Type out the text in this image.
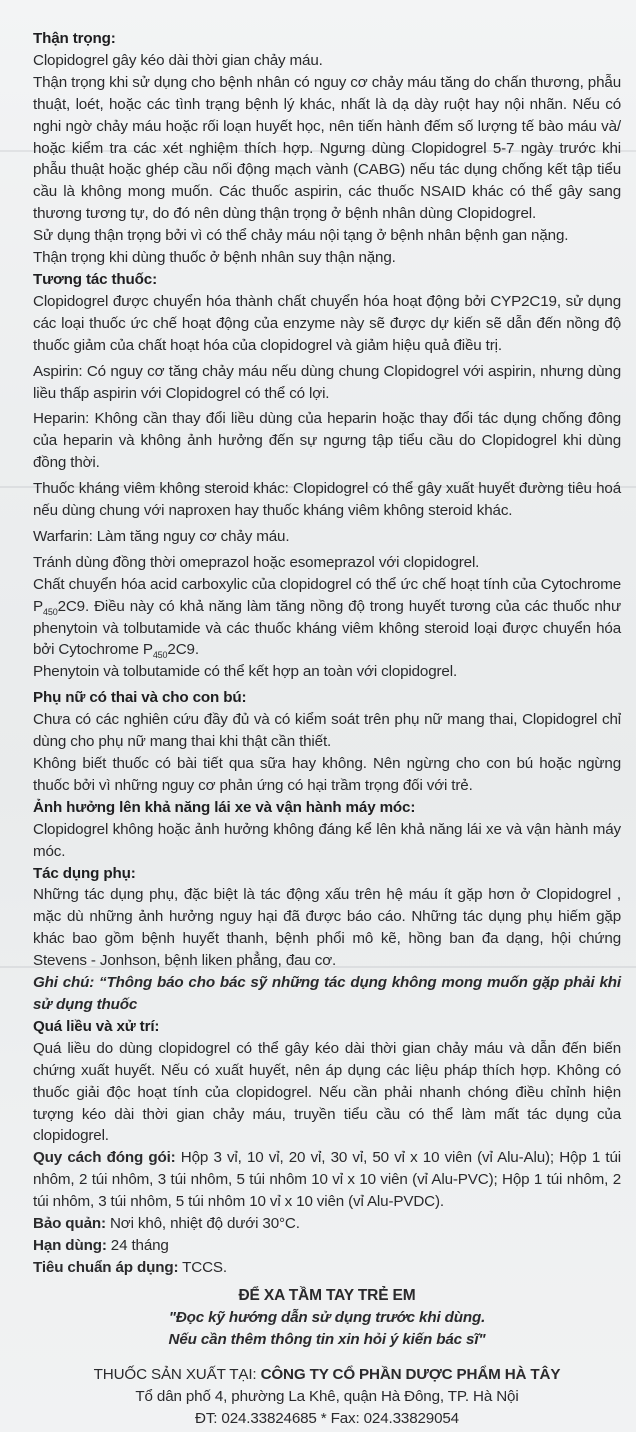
Thận trọng:

Clopidogrel gây kéo dài thời gian chảy máu.

Thận trọng khi sử dụng cho bệnh nhân có nguy cơ chảy máu tăng do chấn thương, phẫu thuật, loét, hoặc các tình trạng bệnh lý khác, nhất là dạ dày ruột hay nội nhãn. Nếu có nghi ngờ chảy máu hoặc rối loạn huyết học, nên tiến hành đếm số lượng tế bào máu và/ hoặc kiểm tra các xét nghiệm thích hợp. Ngưng dùng Clopidogrel 5-7 ngày trước khi phẫu thuật hoặc ghép cầu nối động mạch vành (CABG) nếu tác dụng chống kết tập tiểu cầu là không mong muốn. Các thuốc aspirin, các thuốc NSAID khác có thể gây sang thương tương tự, do đó nên dùng thận trọng ở bệnh nhân dùng Clopidogrel.

Sử dụng thận trọng bởi vì có thể chảy máu nội tạng ở bệnh nhân bệnh gan nặng.

Thận trọng khi dùng thuốc ở bệnh nhân suy thận nặng.

Tương tác thuốc:

Clopidogrel được chuyển hóa thành chất chuyển hóa hoạt động bởi CYP2C19, sử dụng các loại thuốc ức chế hoạt động của enzyme này sẽ được dự kiến sẽ dẫn đến nồng độ thuốc giảm của chất hoạt hóa của clopidogrel và giảm hiệu quả điều trị.

Aspirin: Có nguy cơ tăng chảy máu nếu dùng chung Clopidogrel với aspirin, nhưng dùng liều thấp aspirin với Clopidogrel có thể có lợi.

Heparin: Không cần thay đổi liều dùng của heparin hoặc thay đổi tác dụng chống đông của heparin và không ảnh hưởng đến sự ngưng tập tiểu cầu do Clopidogrel khi dùng đồng thời.

Thuốc kháng viêm không steroid khác: Clopidogrel có thể gây xuất huyết đường tiêu hoá nếu dùng chung với naproxen hay thuốc kháng viêm không steroid khác.

Warfarin: Làm tăng nguy cơ chảy máu.

Tránh dùng đồng thời omeprazol hoặc esomeprazol với clopidogrel.

Chất chuyển hóa acid carboxylic của clopidogrel có thể ức chế hoạt tính của Cytochrome $P_{450}2C9$. Điều này có khả năng làm tăng nồng độ trong huyết tương của các thuốc như phenytoin và tolbutamide và các thuốc kháng viêm không steroid loại được chuyển hóa bởi Cytochrome $P_{450}2C9$.

Phenytoin và tolbutamide có thể kết hợp an toàn với clopidogrel.

Phụ nữ có thai và cho con bú:

Chưa có các nghiên cứu đầy đủ và có kiểm soát trên phụ nữ mang thai, Clopidogrel chỉ dùng cho phụ nữ mang thai khi thật cần thiết.

Không biết thuốc có bài tiết qua sữa hay không. Nên ngừng cho con bú hoặc ngừng thuốc bởi vì những nguy cơ phản ứng có hại trầm trọng đối với trẻ.

Ảnh hưởng lên khả năng lái xe và vận hành máy móc:

Clopidogrel không hoặc ảnh hưởng không đáng kể lên khả năng lái xe và vận hành máy móc.

Tác dụng phụ:

Những tác dụng phụ, đặc biệt là tác động xấu trên hệ máu ít gặp hơn ở Clopidogrel , mặc dù những ảnh hưởng nguy hại đã được báo cáo. Những tác dụng phụ hiếm gặp khác bao gồm bệnh huyết thanh, bệnh phổi mô kẽ, hồng ban đa dạng, hội chứng Stevens - Jonhson, bệnh liken phẳng, đau cơ.

Ghi chú: “Thông báo cho bác sỹ những tác dụng không mong muốn gặp phải khi sử dụng thuốc

Quá liều và xử trí:

Quá liều do dùng clopidogrel có thể gây kéo dài thời gian chảy máu và dẫn đến biến chứng xuất huyết. Nếu có xuất huyết, nên áp dụng các liệu pháp thích hợp. Không có thuốc giải độc hoạt tính của clopidogrel. Nếu cần phải nhanh chóng điều chỉnh hiện tượng kéo dài thời gian chảy máu, truyền tiểu cầu có thể làm mất tác dụng của clopidogrel.

Quy cách đóng gói: Hộp 3 vỉ, 10 vỉ, 20 vỉ, 30 vỉ, 50 vỉ x 10 viên (vỉ Alu-Alu); Hộp 1 túi nhôm, 2 túi nhôm, 3 túi nhôm, 5 túi nhôm 10 vỉ x 10 viên (vỉ Alu-PVC); Hộp 1 túi nhôm, 2 túi nhôm, 3 túi nhôm, 5 túi nhôm 10 vỉ x 10 viên (vỉ Alu-PVDC).

Bảo quản: Nơi khô, nhiệt độ dưới 30°C.

Hạn dùng: 24 tháng

Tiêu chuẩn áp dụng: TCCS.

ĐỂ XA TẦM TAY TRẺ EM
"Đọc kỹ hướng dẫn sử dụng trước khi dùng.
Nếu cần thêm thông tin xin hỏi ý kiến bác sĩ"
THUỐC SẢN XUẤT TẠI: CÔNG TY CỔ PHẦN DƯỢC PHẨM HÀ TÂY
Tổ dân phố 4, phường La Khê, quận Hà Đông, TP. Hà Nội
ĐT: 024.33824685 * Fax: 024.33829054
